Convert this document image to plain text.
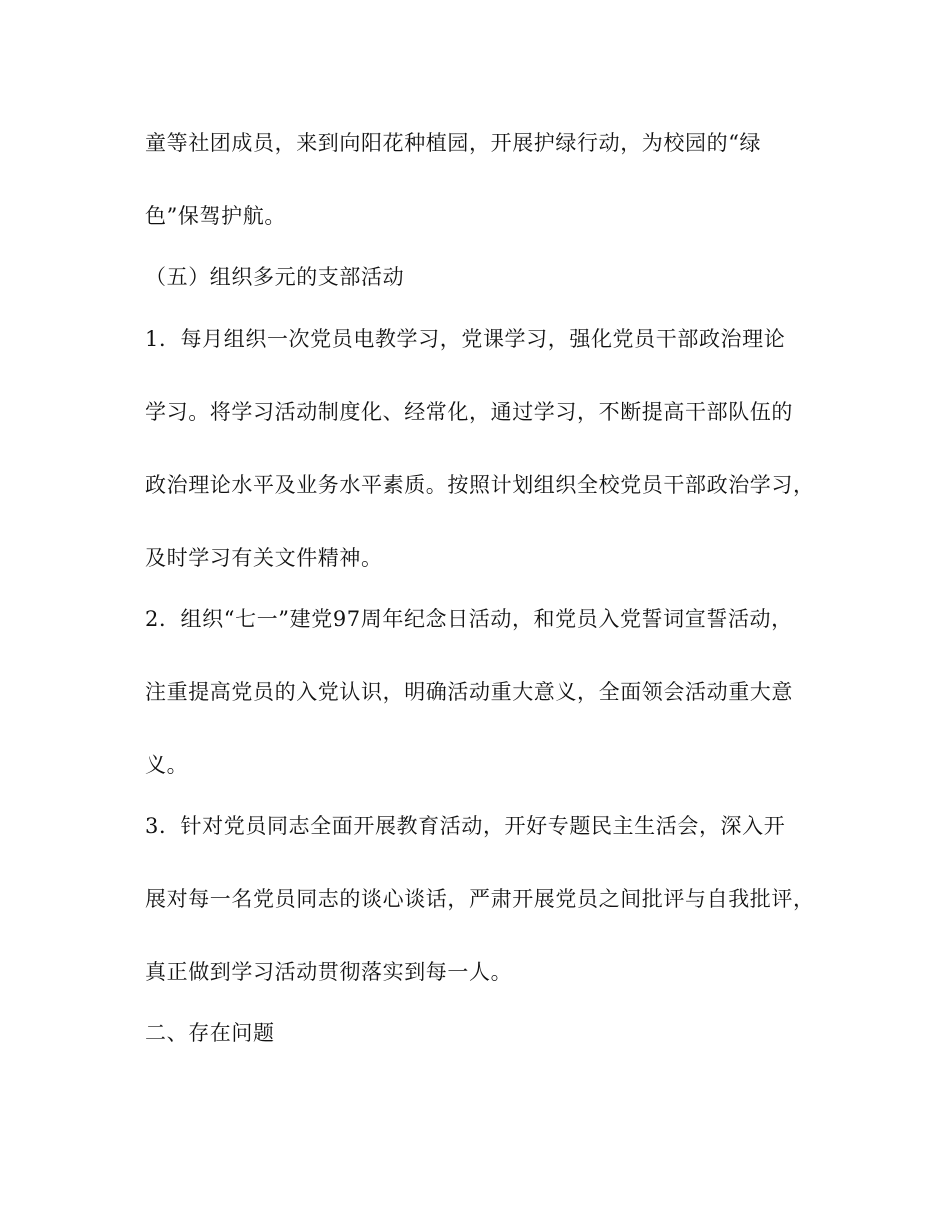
童等社团成员，来到向阳花种植园，开展护绿行动，为校园的“绿

色”保驾护航。

（五）组织多元的支部活动

1．每月组织一次党员电教学习，党课学习，强化党员干部政治理论

学习。将学习活动制度化、经常化，通过学习，不断提高干部队伍的

政治理论水平及业务水平素质。按照计划组织全校党员干部政治学习，

及时学习有关文件精神。

2．组织“七一”建党97周年纪念日活动，和党员入党誓词宣誓活动，

注重提高党员的入党认识，明确活动重大意义，全面领会活动重大意

义。

3．针对党员同志全面开展教育活动，开好专题民主生活会，深入开

展对每一名党员同志的谈心谈话，严肃开展党员之间批评与自我批评，

真正做到学习活动贯彻落实到每一人。

二、存在问题
